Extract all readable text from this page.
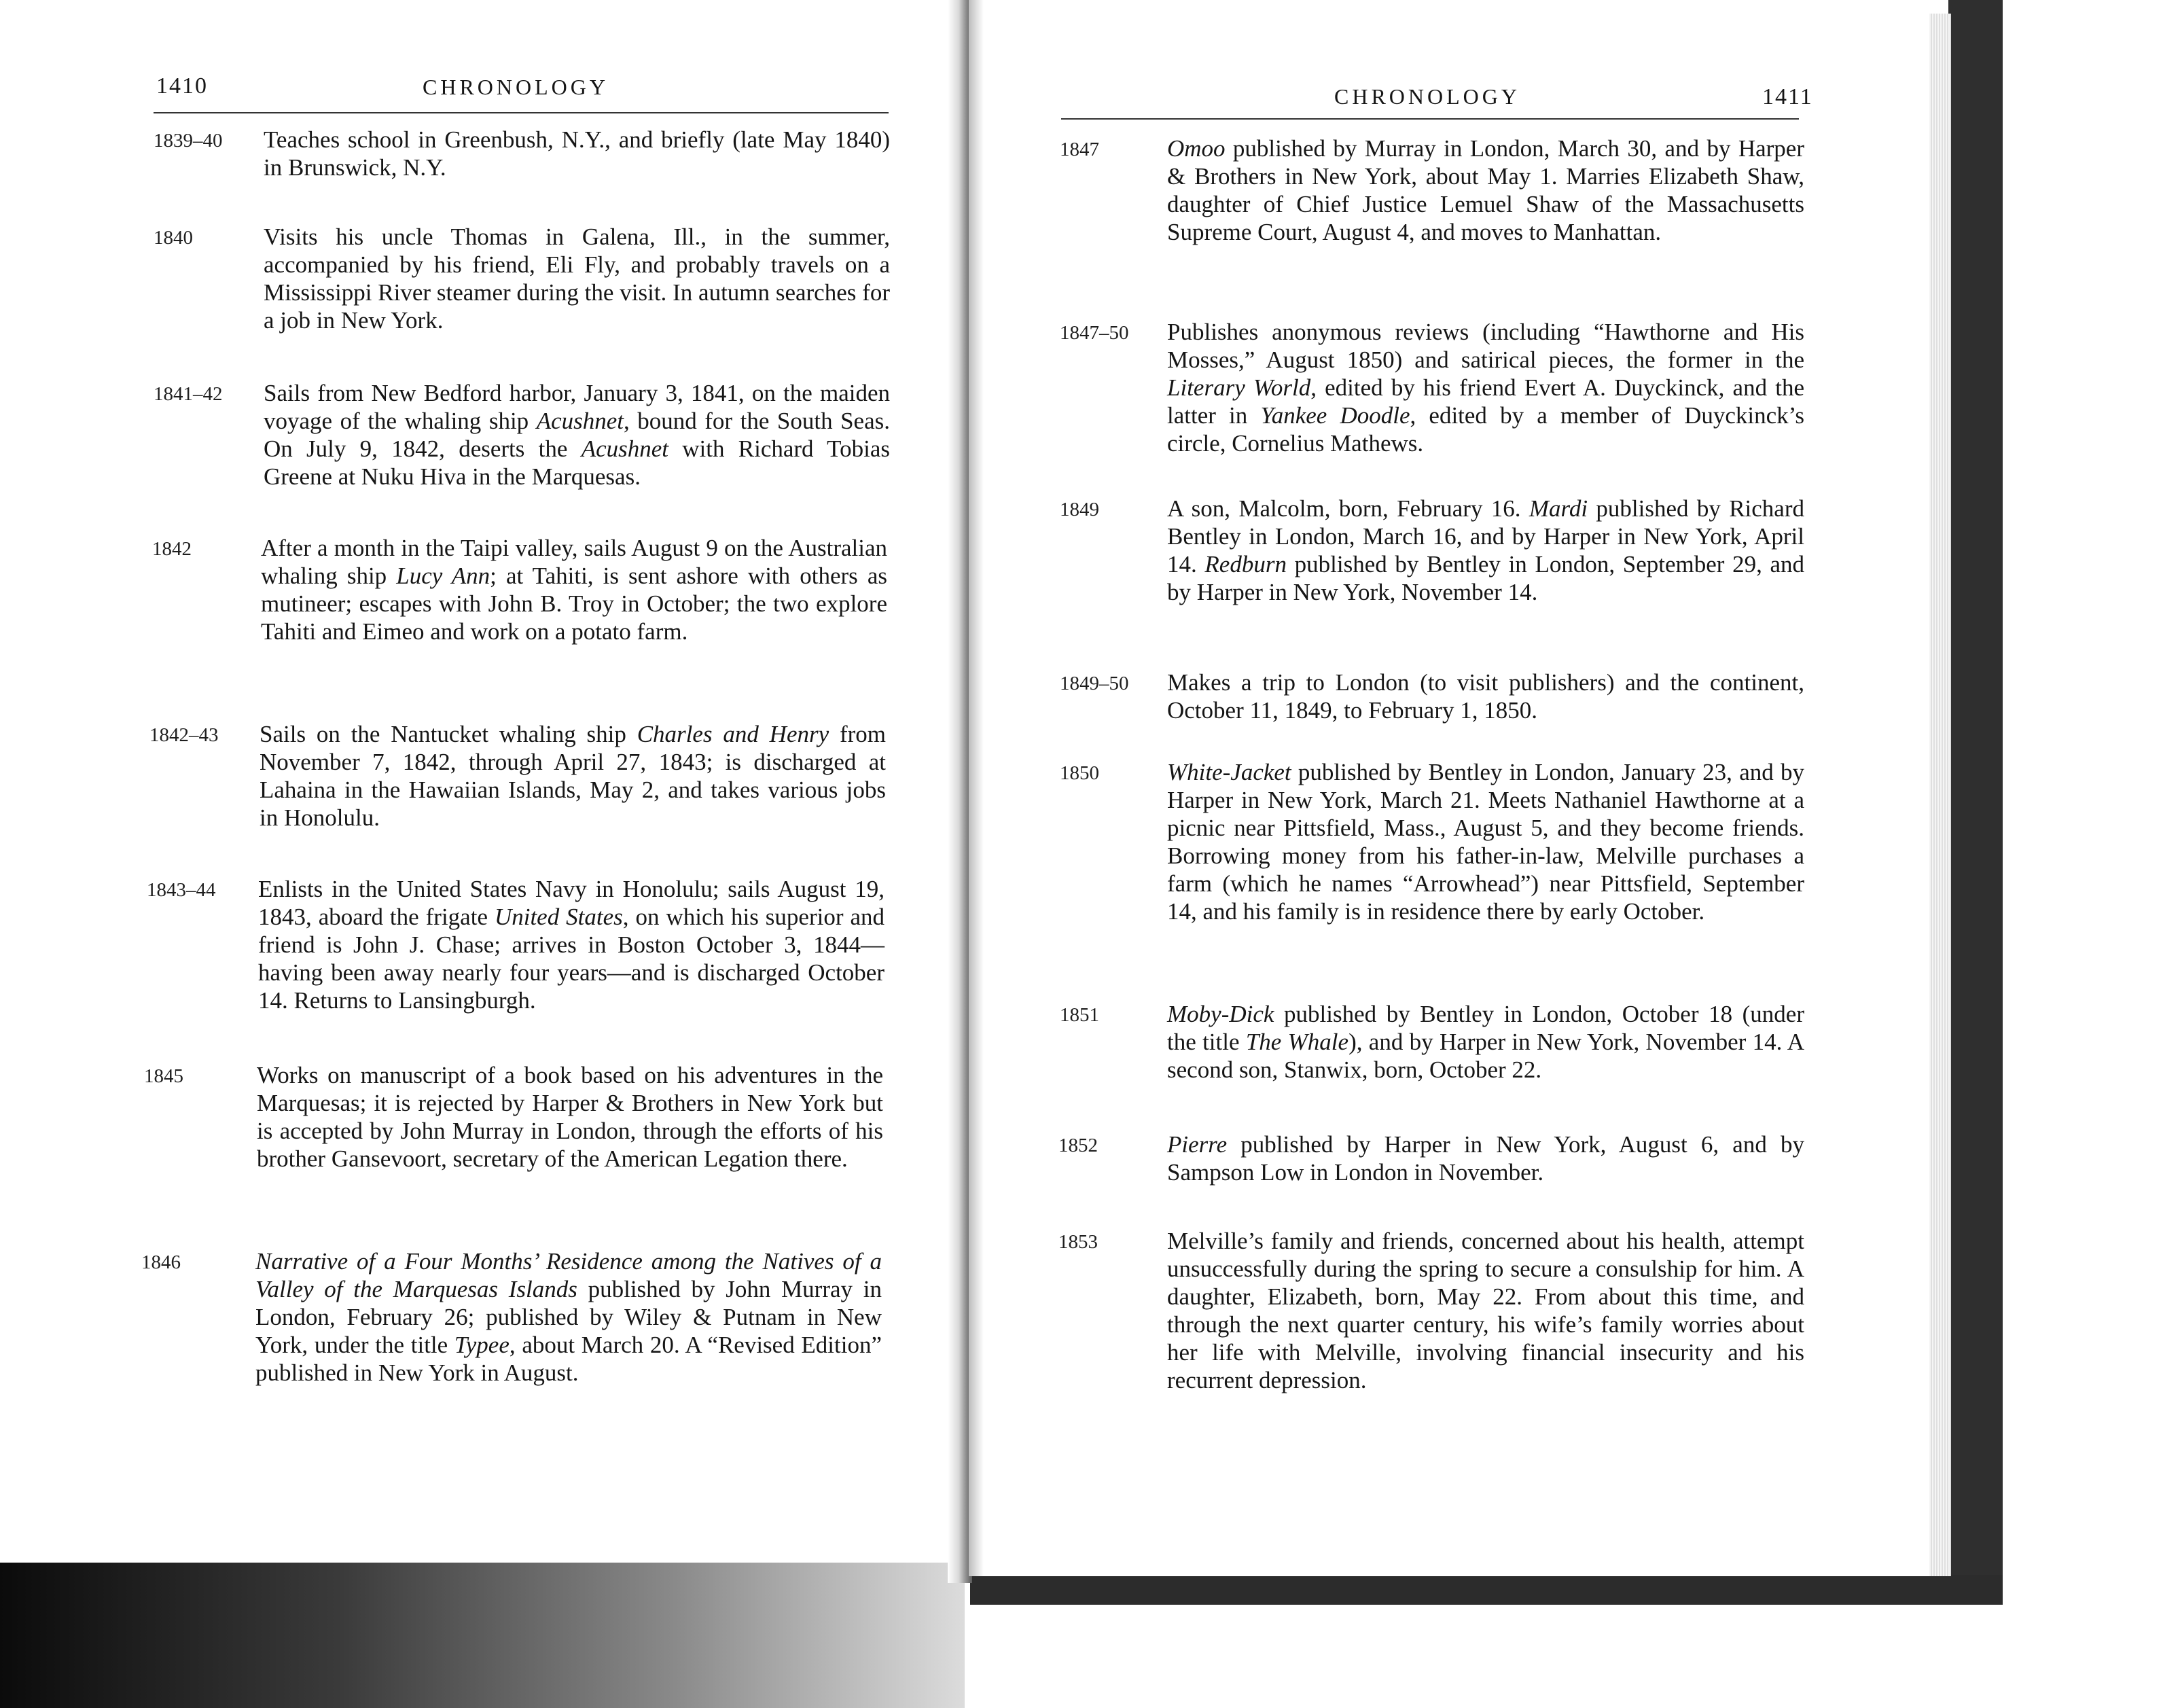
1410	CHRONOLOGY
1839–40 Teaches school in Greenbush, N.Y., and briefly (late May 1840) in Brunswick, N.Y.
1840	Visits his uncle Thomas in Galena, Ill., in the summer, accompanied by his friend, Eli Fly, and probably travels on a Mississippi River steamer during the visit. In autumn searches for a job in New York.
1841–42 Sails from New Bedford harbor, January 3, 1841, on the maiden voyage of the whaling ship Acushnet, bound for the South Seas. On July 9, 1842, deserts the Acushnet with Richard Tobias Greene at Nuku Hiva in the Marquesas.
1842	After a month in the Taipi valley, sails August 9 on the Australian whaling ship Lucy Ann; at Tahiti, is sent ashore with others as mutineer; escapes with John B. Troy in October; the two explore Tahiti and Eimeo and work on a potato farm.
1842–43 Sails on the Nantucket whaling ship Charles and Henry from November 7, 1842, through April 27, 1843; is discharged at Lahaina in the Hawaiian Islands, May 2, and takes various jobs in Honolulu.
1843–44 Enlists in the United States Navy in Honolulu; sails August 19, 1843, aboard the frigate United States, on which his superior and friend is John J. Chase; arrives in Boston October 3, 1844—having been away nearly four years—and is discharged October 14. Returns to Lansingburgh.
1845	Works on manuscript of a book based on his adventures in the Marquesas; it is rejected by Harper & Brothers in New York but is accepted by John Murray in London, through the efforts of his brother Gansevoort, secretary of the American Legation there.
1846	Narrative of a Four Months’ Residence among the Natives of a Valley of the Marquesas Islands published by John Murray in London, February 26; published by Wiley & Putnam in New York, under the title Typee, about March 20. A “Revised Edition” published in New York in August.
CHRONOLOGY	1411
1847	Omoo published by Murray in London, March 30, and by Harper & Brothers in New York, about May 1. Marries Elizabeth Shaw, daughter of Chief Justice Lemuel Shaw of the Massachusetts Supreme Court, August 4, and moves to Manhattan.
1847–50 Publishes anonymous reviews (including “Hawthorne and His Mosses,” August 1850) and satirical pieces, the former in the Literary World, edited by his friend Evert A. Duyckinck, and the latter in Yankee Doodle, edited by a member of Duyckinck’s circle, Cornelius Mathews.
1849	A son, Malcolm, born, February 16. Mardi published by Richard Bentley in London, March 16, and by Harper in New York, April 14. Redburn published by Bentley in London, September 29, and by Harper in New York, November 14.
1849–50 Makes a trip to London (to visit publishers) and the continent, October 11, 1849, to February 1, 1850.
1850	White-Jacket published by Bentley in London, January 23, and by Harper in New York, March 21. Meets Nathaniel Hawthorne at a picnic near Pittsfield, Mass., August 5, and they become friends. Borrowing money from his father-in-law, Melville purchases a farm (which he names “Arrowhead”) near Pittsfield, September 14, and his family is in residence there by early October.
1851	Moby-Dick published by Bentley in London, October 18 (under the title The Whale), and by Harper in New York, November 14. A second son, Stanwix, born, October 22.
1852	Pierre published by Harper in New York, August 6, and by Sampson Low in London in November.
1853	Melville’s family and friends, concerned about his health, attempt unsuccessfully during the spring to secure a consulship for him. A daughter, Elizabeth, born, May 22. From about this time, and through the next quarter century, his wife’s family worries about her life with Melville, involving financial insecurity and his recurrent depression.
